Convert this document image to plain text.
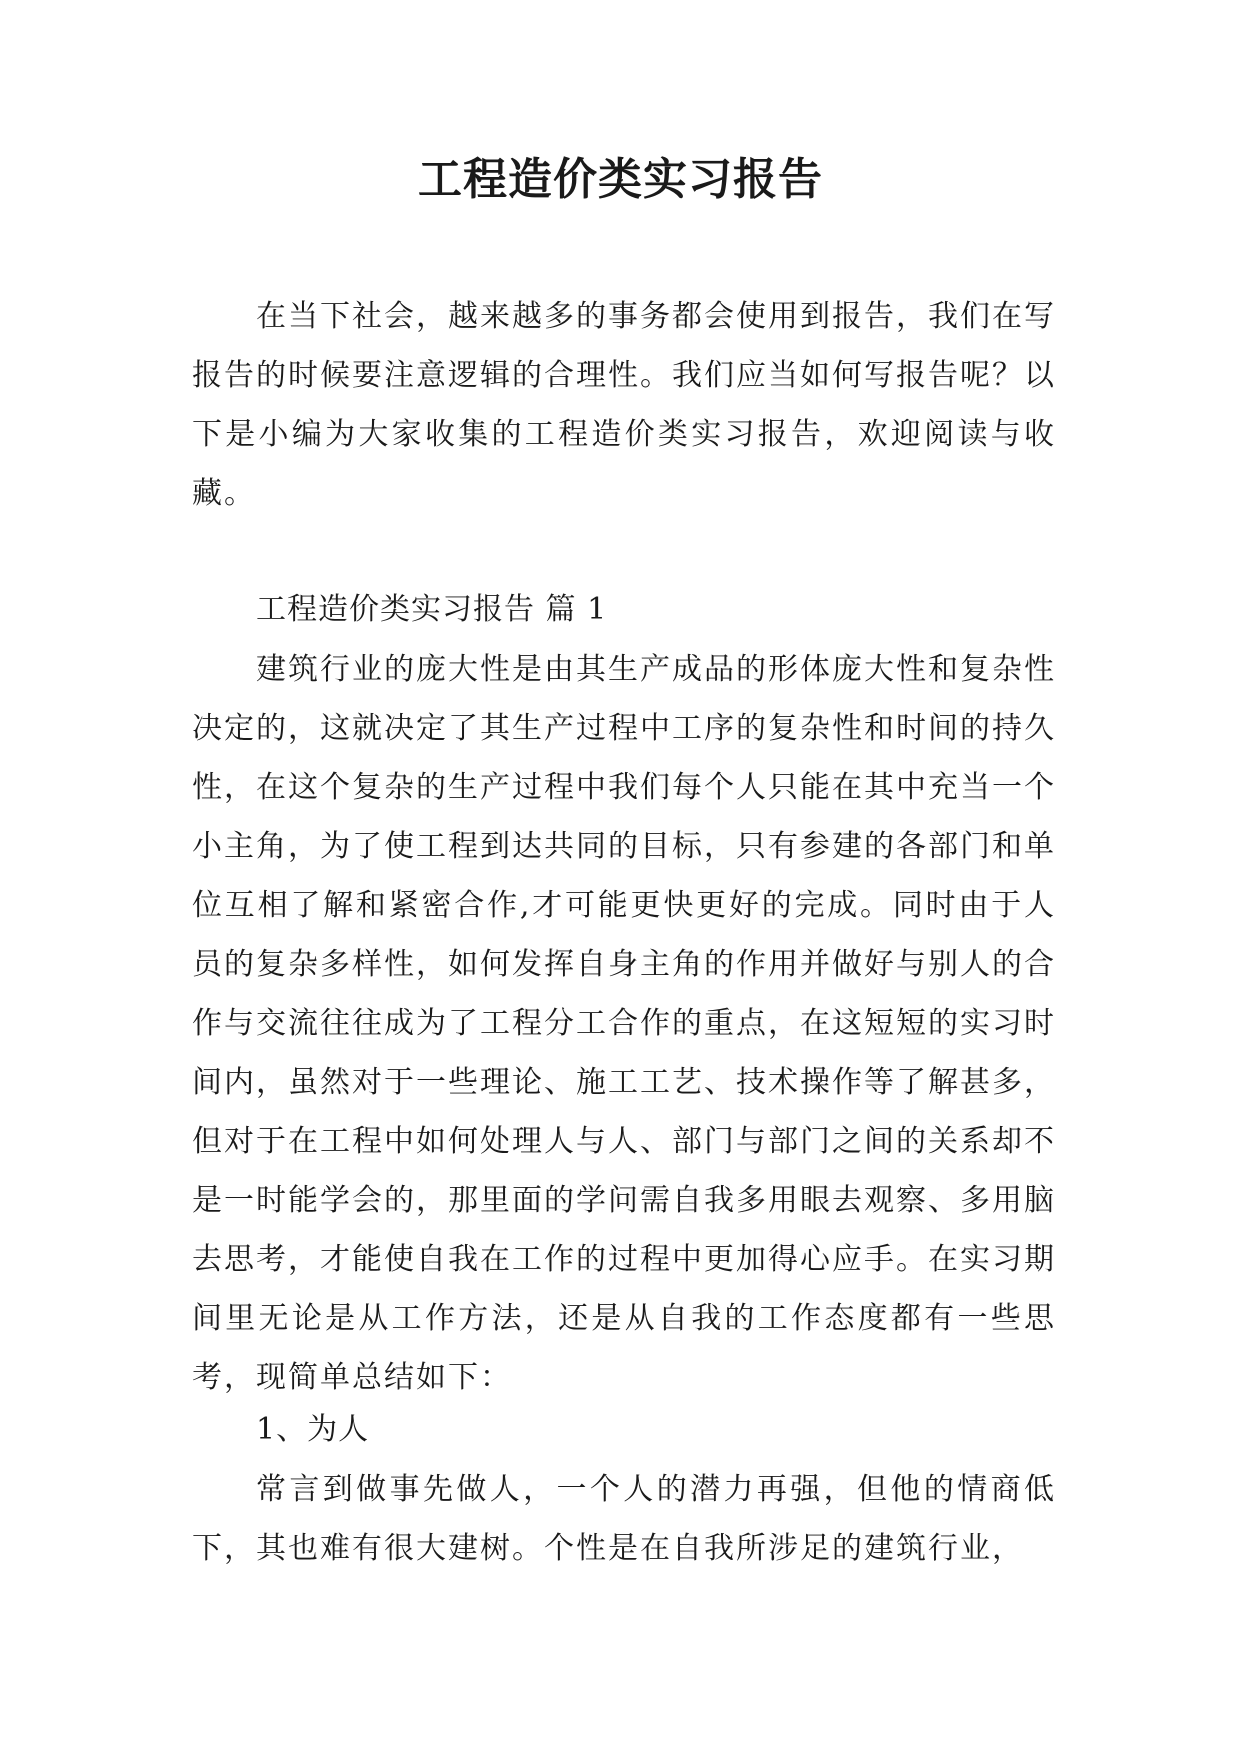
工程造价类实习报告

在当下社会，越来越多的事务都会使用到报告，我们在写报告的时候要注意逻辑的合理性。我们应当如何写报告呢？以下是小编为大家收集的工程造价类实习报告，欢迎阅读与收藏。

工程造价类实习报告 篇 1

建筑行业的庞大性是由其生产成品的形体庞大性和复杂性决定的，这就决定了其生产过程中工序的复杂性和时间的持久性，在这个复杂的生产过程中我们每个人只能在其中充当一个小主角，为了使工程到达共同的目标，只有参建的各部门和单位互相了解和紧密合作,才可能更快更好的完成。同时由于人员的复杂多样性，如何发挥自身主角的作用并做好与别人的合作与交流往往成为了工程分工合作的重点，在这短短的实习时间内，虽然对于一些理论、施工工艺、技术操作等了解甚多，但对于在工程中如何处理人与人、部门与部门之间的关系却不是一时能学会的，那里面的学问需自我多用眼去观察、多用脑去思考，才能使自我在工作的过程中更加得心应手。在实习期间里无论是从工作方法，还是从自我的工作态度都有一些思考，现简单总结如下：

1、为人

常言到做事先做人，一个人的潜力再强，但他的情商低下，其也难有很大建树。个性是在自我所涉足的建筑行业，
